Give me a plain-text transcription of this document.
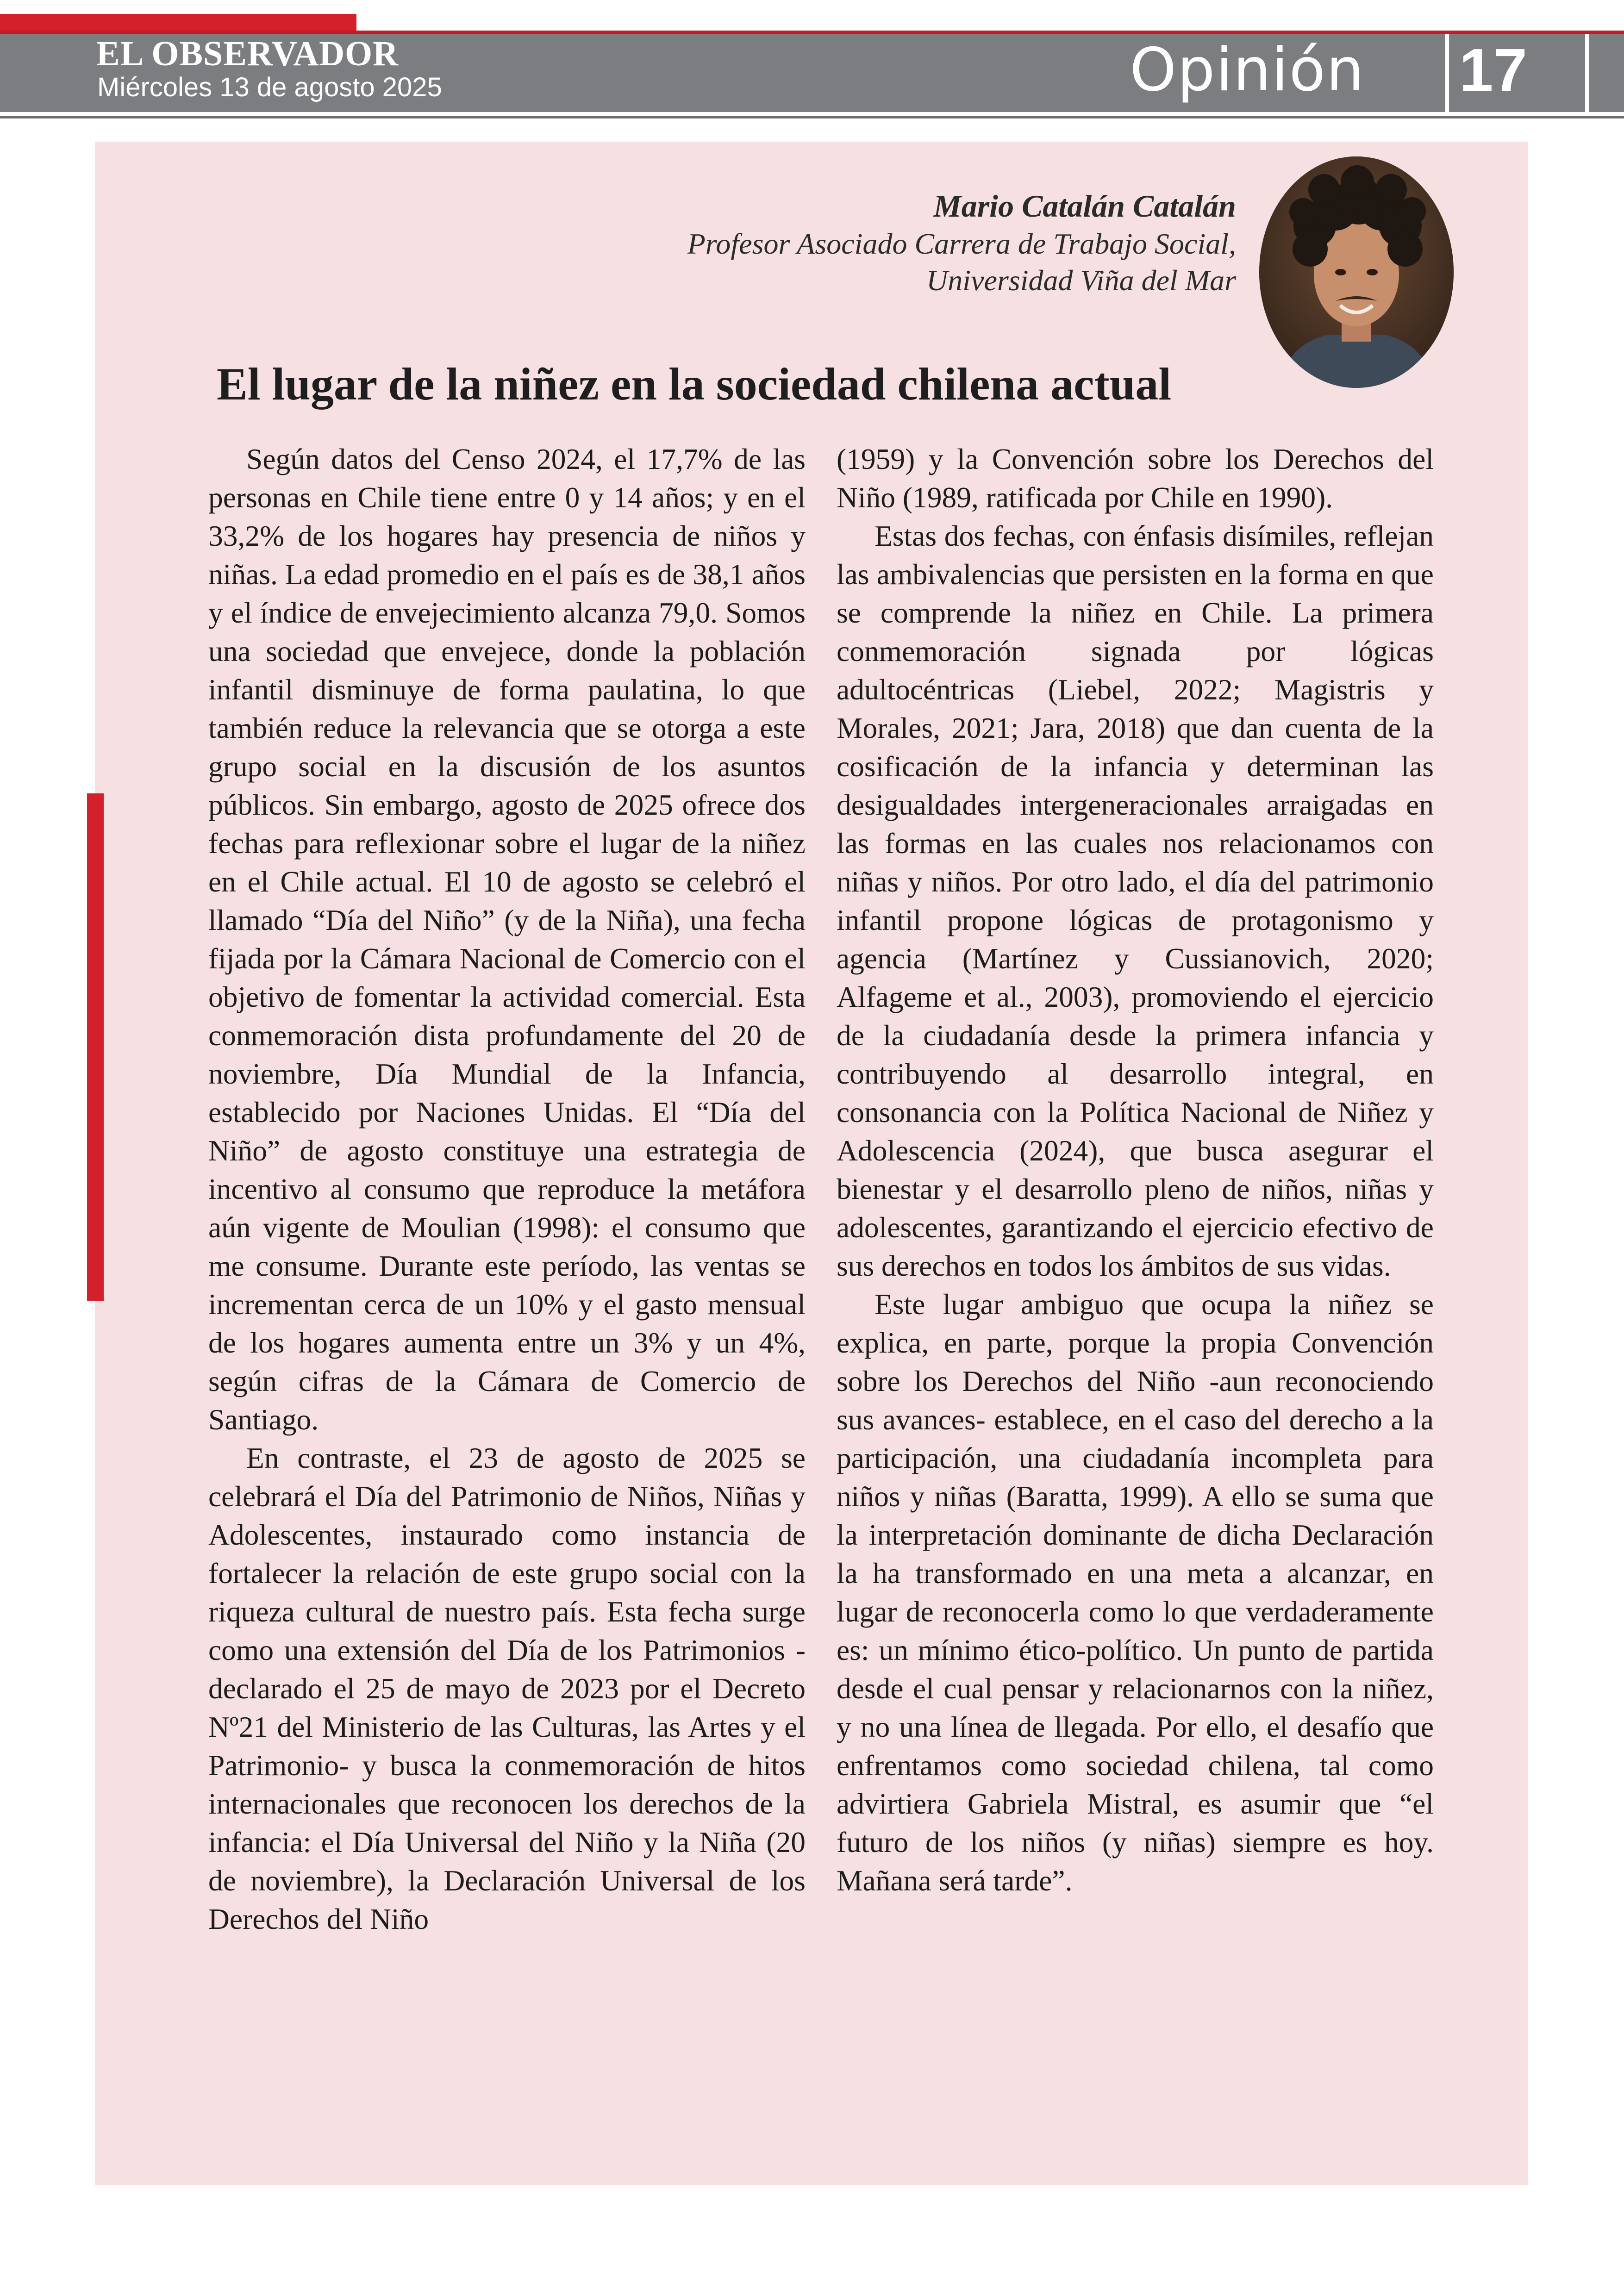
EL OBSERVADOR
Miércoles 13 de agosto 2025	Opinión 17
Mario Catalán Catalán
Profesor Asociado Carrera de Trabajo Social,
Universidad Viña del Mar
El lugar de la niñez en la sociedad chilena actual

Según datos del Censo 2024, el 17,7% de las personas en Chile tiene entre 0 y 14 años; y en el 33,2% de los hogares hay presencia de niños y niñas. La edad promedio en el país es de 38,1 años y el índice de envejecimiento alcanza 79,0. Somos una sociedad que envejece, donde la población infantil disminuye de forma paulatina, lo que también reduce la relevancia que se otorga a este grupo social en la discusión de los asuntos públicos. Sin embargo, agosto de 2025 ofrece dos fechas para reflexionar sobre el lugar de la niñez en el Chile actual. El 10 de agosto se celebró el llamado “Día del Niño” (y de la Niña), una fecha fijada por la Cámara Nacional de Comercio con el objetivo de fomentar la actividad comercial. Esta conmemoración dista profundamente del 20 de noviembre, Día Mundial de la Infancia, establecido por Naciones Unidas. El “Día del Niño” de agosto constituye una estrategia de incentivo al consumo que reproduce la metáfora aún vigente de Moulian (1998): el consumo que me consume. Durante este período, las ventas se incrementan cerca de un 10% y el gasto mensual de los hogares aumenta entre un 3% y un 4%, según cifras de la Cámara de Comercio de Santiago.

En contraste, el 23 de agosto de 2025 se celebrará el Día del Patrimonio de Niños, Niñas y Adolescentes, instaurado como instancia de fortalecer la relación de este grupo social con la riqueza cultural de nuestro país. Esta fecha surge como una extensión del Día de los Patrimonios -declarado el 25 de mayo de 2023 por el Decreto Nº21 del Ministerio de las Culturas, las Artes y el Patrimonio- y busca la conmemoración de hitos internacionales que reconocen los derechos de la infancia: el Día Universal del Niño y la Niña (20 de noviembre), la Declaración Universal de los Derechos del Niño

(1959) y la Convención sobre los Derechos del Niño (1989, ratificada por Chile en 1990).

Estas dos fechas, con énfasis disímiles, reflejan las ambivalencias que persisten en la forma en que se comprende la niñez en Chile. La primera conmemoración signada por lógicas adultocéntricas (Liebel, 2022; Magistris y Morales, 2021; Jara, 2018) que dan cuenta de la cosificación de la infancia y determinan las desigualdades intergeneracionales arraigadas en las formas en las cuales nos relacionamos con niñas y niños. Por otro lado, el día del patrimonio infantil propone lógicas de protagonismo y agencia (Martínez y Cussianovich, 2020; Alfageme et al., 2003), promoviendo el ejercicio de la ciudadanía desde la primera infancia y contribuyendo al desarrollo integral, en consonancia con la Política Nacional de Niñez y Adolescencia (2024), que busca asegurar el bienestar y el desarrollo pleno de niños, niñas y adolescentes, garantizando el ejercicio efectivo de sus derechos en todos los ámbitos de sus vidas.

Este lugar ambiguo que ocupa la niñez se explica, en parte, porque la propia Convención sobre los Derechos del Niño -aun reconociendo sus avances- establece, en el caso del derecho a la participación, una ciudadanía incompleta para niños y niñas (Baratta, 1999). A ello se suma que la interpretación dominante de dicha Declaración la ha transformado en una meta a alcanzar, en lugar de reconocerla como lo que verdaderamente es: un mínimo ético-político. Un punto de partida desde el cual pensar y relacionarnos con la niñez, y no una línea de llegada. Por ello, el desafío que enfrentamos como sociedad chilena, tal como advirtiera Gabriela Mistral, es asumir que “el futuro de los niños (y niñas) siempre es hoy. Mañana será tarde”.
